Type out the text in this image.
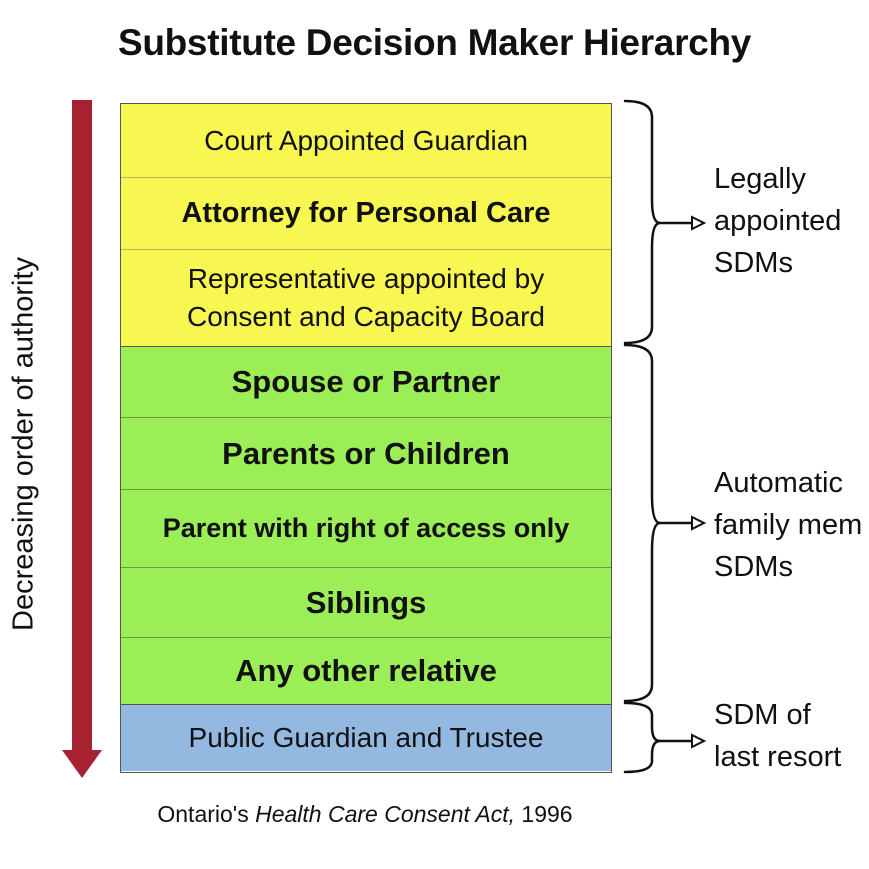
Substitute Decision Maker Hierarchy
Decreasing order of authority
Court Appointed Guardian
Attorney for Personal Care
Representative appointed by
Consent and Capacity Board
Spouse or Partner
Parents or Children
Parent with right of access only
Siblings
Any other relative
Public Guardian and Trustee
Legally
appointed
SDMs
Automatic
family mem
SDMs
SDM of
last resort
Ontario's Health Care Consent Act, 1996
